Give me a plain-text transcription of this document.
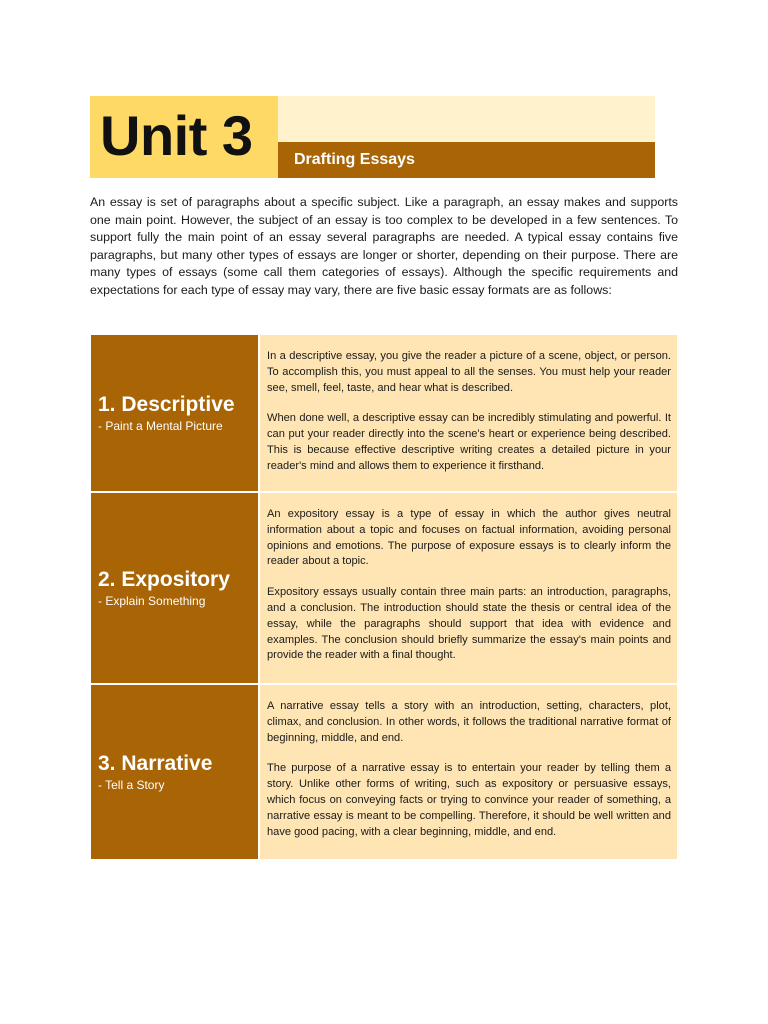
Unit 3	Drafting Essays

An essay is set of paragraphs about a specific subject. Like a paragraph, an essay makes and supports one main point. However, the subject of an essay is too complex to be developed in a few sentences. To support fully the main point of an essay several paragraphs are needed. A typical essay contains five paragraphs, but many other types of essays are longer or shorter, depending on their purpose. There are many types of essays (some call them categories of essays). Although the specific requirements and expectations for each type of essay may vary, there are five basic essay formats are as follows:

1. Descriptive
- Paint a Mental Picture

In a descriptive essay, you give the reader a picture of a scene, object, or person. To accomplish this, you must appeal to all the senses. You must help your reader see, smell, feel, taste, and hear what is described.

When done well, a descriptive essay can be incredibly stimulating and powerful. It can put your reader directly into the scene's heart or experience being described. This is because effective descriptive writing creates a detailed picture in your reader's mind and allows them to experience it firsthand.

2. Expository
- Explain Something

An expository essay is a type of essay in which the author gives neutral information about a topic and focuses on factual information, avoiding personal opinions and emotions. The purpose of exposure essays is to clearly inform the reader about a topic.

Expository essays usually contain three main parts: an introduction, paragraphs, and a conclusion. The introduction should state the thesis or central idea of the essay, while the paragraphs should support that idea with evidence and examples. The conclusion should briefly summarize the essay's main points and provide the reader with a final thought.

3. Narrative
- Tell a Story

A narrative essay tells a story with an introduction, setting, characters, plot, climax, and conclusion. In other words, it follows the traditional narrative format of beginning, middle, and end.

The purpose of a narrative essay is to entertain your reader by telling them a story. Unlike other forms of writing, such as expository or persuasive essays, which focus on conveying facts or trying to convince your reader of something, a narrative essay is meant to be compelling. Therefore, it should be well written and have good pacing, with a clear beginning, middle, and end.
